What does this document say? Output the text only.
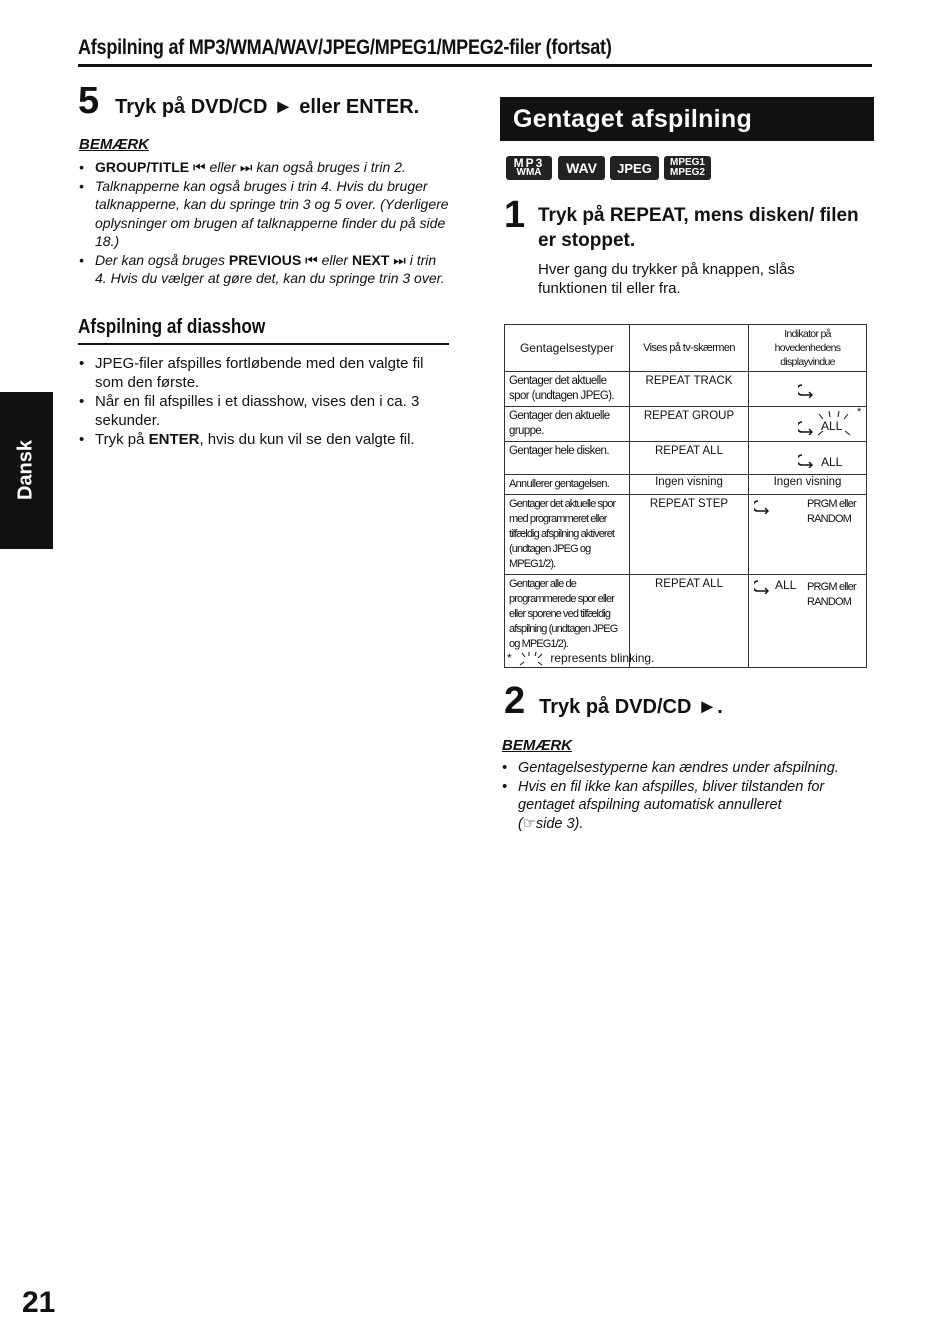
Afspilning af MP3/WMA/WAV/JPEG/MPEG1/MPEG2-filer (fortsat)
Dansk
5 Tryk på DVD/CD ► eller ENTER.
BEMÆRK
• GROUP/TITLE ⏮ eller ⏭ kan også bruges i trin 2.
• Talknapperne kan også bruges i trin 4. Hvis du bruger talknapperne, kan du springe trin 3 og 5 over. (Yderligere oplysninger om brugen af talknapperne finder du på side 18.)
• Der kan også bruges PREVIOUS ⏮ eller NEXT ⏭ i trin 4. Hvis du vælger at gøre det, kan du springe trin 3 over.
Afspilning af diasshow
• JPEG-filer afspilles fortløbende med den valgte fil som den første.
• Når en fil afspilles i et diasshow, vises den i ca. 3 sekunder.
• Tryk på ENTER, hvis du kun vil se den valgte fil.
Gentaget afspilning
MP3
WMA	WAV	JPEG	MPEG1
MPEG2
1 Tryk på REPEAT, mens disken/ filen er stoppet.
Hver gang du trykker på knappen, slås funktionen til eller fra.
Gentagelsestyper	Vises på tv-skærmen	Indikator på hovedenhedens displayvindue
Gentager det aktuelle spor (undtagen JPEG).	REPEAT TRACK	

Gentager den aktuelle gruppe.	REPEAT GROUP	ALL
*

Gentager hele disken.	REPEAT ALL	ALL

Annullerer gentagelsen.	Ingen visning	Ingen visning
Gentager det aktuelle spor med programmeret eller tilfældig afspilning aktiveret (undtagen JPEG og MPEG1/2).	REPEAT STEP	PRGM eller RANDOM

Gentager alle de programmerede spor eller eller sporene ved tilfældig afspilning (undtagen JPEG og MPEG1/2).	REPEAT ALL	ALL PRGM eller RANDOM
*	represents blinking.
2 Tryk på DVD/CD ►.
BEMÆRK
• Gentagelsestyperne kan ændres under afspilning.
• Hvis en fil ikke kan afspilles, bliver tilstanden for gentaget afspilning automatisk annulleret
(☞side 3).
21
